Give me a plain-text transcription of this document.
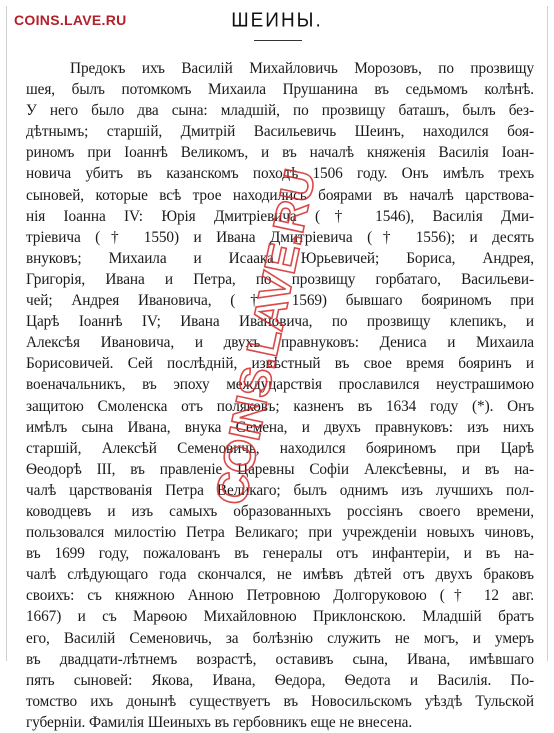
COINS.LAVE.RU	ШЕИНЫ.
Предокъ ихъ Василій Михайловичь Морозовъ, по прозвищу
шея, былъ потомкомъ Михаила Прушанина въ седьмомъ колѣнѣ.
У него было два сына: младшій, по прозвищу баташъ, былъ без-
дѣтнымъ; старшій, Дмитрій Васильевичь Шеинъ, находился боя-
риномъ при Іоаннѣ Великомъ, и въ началѣ княженія Василія Іоан-
новича убитъ въ казанскомъ походѣ 1506 году. Онъ имѣлъ трехъ
сыновей, которые всѣ трое находились боярами въ началѣ царствова-
нія Іоанна IV: Юрія Дмитріевича († 1546), Василія Дми-
тріевича († 1550) и Ивана Дмитріевича († 1556); и десять
внуковъ; Михаила и Исаака Юрьевичей; Бориса, Андрея,
Григорія, Ивана и Петра, по прозвищу горбатаго, Васильеви-
чей; Андрея Ивановича, († 1569) бывшаго бояриномъ при
Царѣ Іоаннѣ IV; Ивана Ивановича, по прозвищу клепикъ, и
Алексѣя Ивановича, и двухъ правнуковъ: Дениса и Михаила
Борисовичей. Сей послѣдній, извѣстный въ свое время бояринъ и
военачальникъ, въ эпоху междуцарствія прославился неустрашимою
защитою Смоленска отъ поляковъ; казненъ въ 1634 году (*). Онъ
имѣлъ сына Ивана, внука Семена, и двухъ правнуковъ: изъ нихъ
старшій, Алексѣй Семеновичь, находился бояриномъ при Царѣ
Ѳеодорѣ III, въ правленіе Царевны Софіи Алексѣевны, и въ на-
чалѣ царствованія Петра Великаго; былъ однимъ изъ лучшихъ пол-
ководцевъ и изъ самыхъ образованныхъ россіянъ своего времени,
пользовался милостію Петра Великаго; при учрежденіи новыхъ чиновъ,
въ 1699 году, пожалованъ въ генералы отъ инфантеріи, и въ на-
чалѣ слѣдующаго года скончался, не имѣвъ дѣтей отъ двухъ браковъ
своихъ: съ княжною Анною Петровною Долгоруковою († 12 авг.
1667) и съ Марѳою Михайловною Приклонскою. Младшій братъ
его, Василій Семеновичь, за болѣзнію служить не могъ, и умеръ
въ двадцати-лѣтнемъ возрастѣ, оставивъ сына, Ивана, имѣвшаго
пять сыновей: Якова, Ивана, Ѳедора, Ѳедота и Василія. По-
томство ихъ донынѣ существуетъ въ Новосильскомъ уѣздѣ Тульской
губерніи. Фамилія Шеиныхъ въ гербовникъ еще не внесена.
COINS.LAVE.RU
